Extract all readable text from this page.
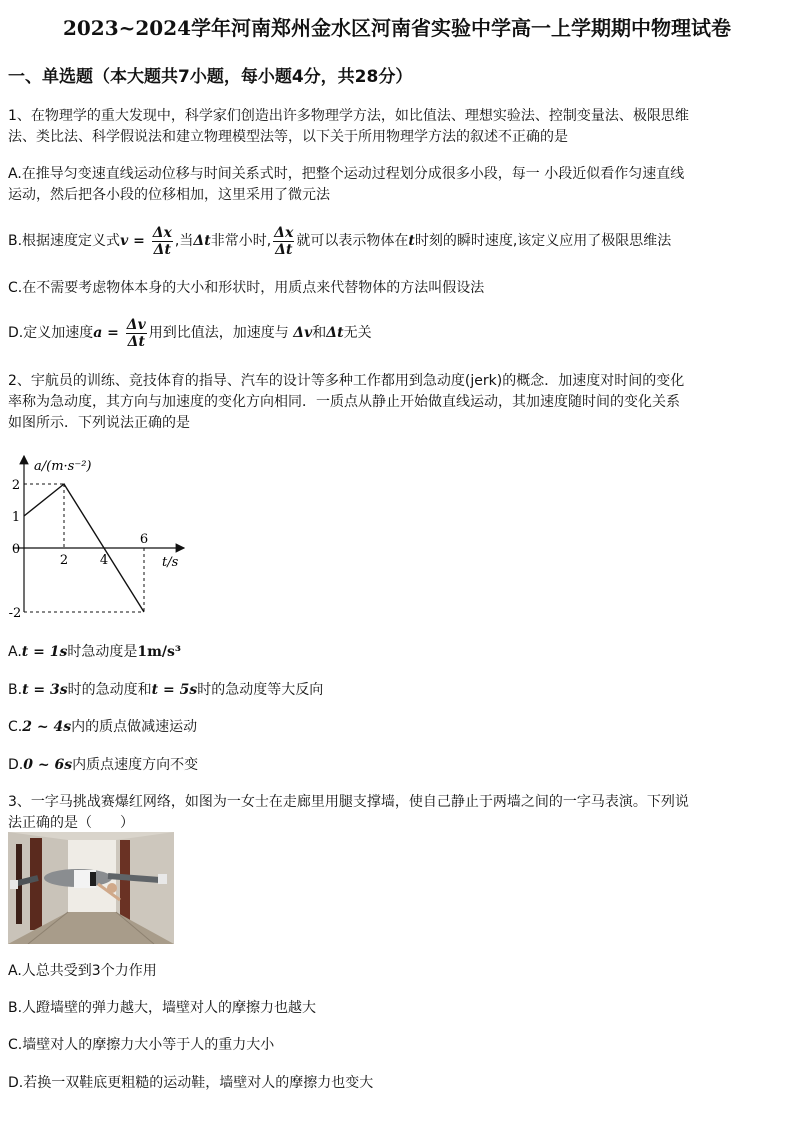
2023~2024学年河南郑州金水区河南省实验中学高一上学期期中物理试卷
一、单选题（本大题共7小题，每小题4分，共28分）
1、在物理学的重大发现中，科学家们创造出许多物理学方法，如比值法、理想实验法、控制变量法、极限思维
法、类比法、科学假说法和建立物理模型法等，以下关于所用物理学方法的叙述不正确的是
A.在推导匀变速直线运动位移与时间关系式时，把整个运动过程划分成很多小段，每一 小段近似看作匀速直线
运动，然后把各小段的位移相加，这里采用了微元法
B.根据速度定义式$v = \frac{\Delta x}{\Delta t}$ ,当Δt非常小时, $\frac{\Delta x}{\Delta t}$ 就可以表示物体在t时刻的瞬时速度,该定义应用了极限思维法
C.在不需要考虑物体本身的大小和形状时，用质点来代替物体的方法叫假设法
D.定义加速度$a = \frac{\Delta v}{\Delta t}$ 用到比值法，加速度与 Δv和Δt无关
2、宇航员的训练、竞技体育的指导、汽车的设计等多种工作都用到急动度(jerk)的概念．加速度对时间的变化
率称为急动度，其方向与加速度的变化方向相同．一质点从静止开始做直线运动，其加速度随时间的变化关系
如图所示．下列说法正确的是
a/(m·s⁻²)
t/s
2 4
6
2
1
0
-2
A.t = 1s时急动度是1m/s³
B.t = 3s时的急动度和t = 5s时的急动度等大反向
C.2 ~ 4s内的质点做减速运动
D.0 ~ 6s内质点速度方向不变
3、一字马挑战赛爆红网络，如图为一女士在走廊里用腿支撑墙，使自己静止于两墙之间的一字马表演。下列说
法正确的是（　　）
A.人总共受到3个力作用
B.人蹬墙壁的弹力越大，墙壁对人的摩擦力也越大
C.墙壁对人的摩擦力大小等于人的重力大小
D.若换一双鞋底更粗糙的运动鞋，墙壁对人的摩擦力也变大
